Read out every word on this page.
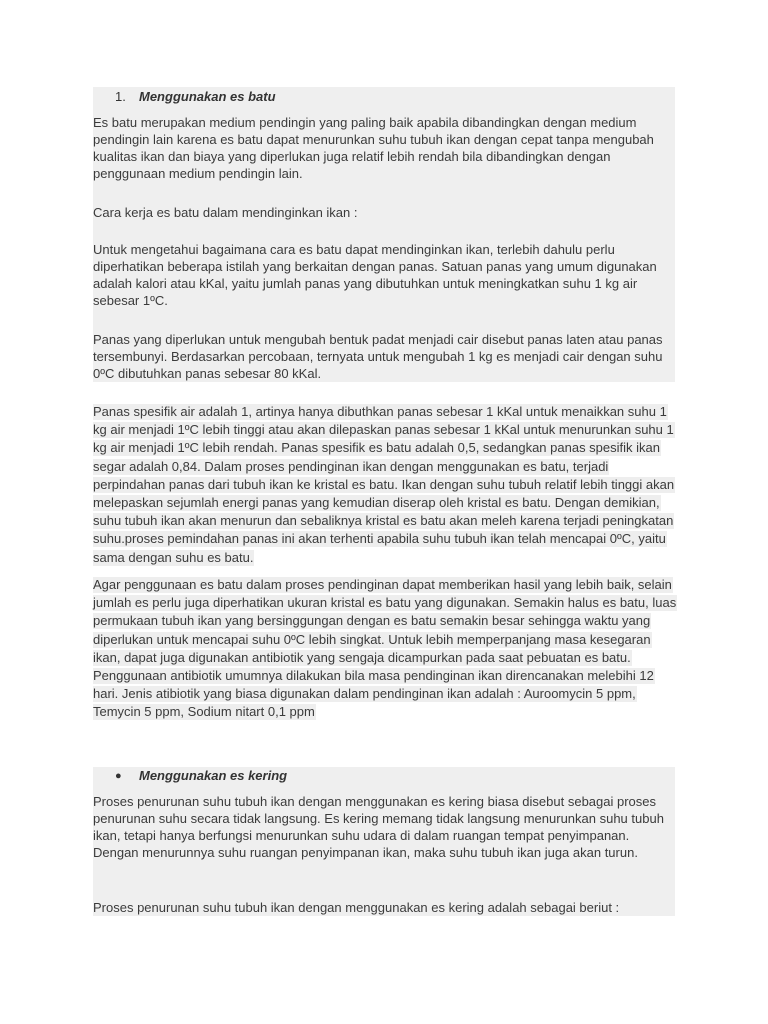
1. Menggunakan es batu

Es batu merupakan medium pendingin yang paling baik apabila dibandingkan dengan medium pendingin lain karena es batu dapat menurunkan suhu tubuh ikan dengan cepat tanpa mengubah kualitas ikan dan biaya yang diperlukan juga relatif lebih rendah bila dibandingkan dengan penggunaan medium pendingin lain.

Cara kerja es batu dalam mendinginkan ikan :

Untuk mengetahui bagaimana cara es batu dapat mendinginkan ikan, terlebih dahulu perlu diperhatikan beberapa istilah yang berkaitan dengan panas. Satuan panas yang umum digunakan adalah kalori atau kKal, yaitu jumlah panas yang dibutuhkan untuk meningkatkan suhu 1 kg air sebesar 1ºC.

Panas yang diperlukan untuk mengubah bentuk padat menjadi cair disebut panas laten atau panas tersembunyi. Berdasarkan percobaan, ternyata untuk mengubah 1 kg es menjadi cair dengan suhu 0ºC dibutuhkan panas sebesar 80 kKal.

Panas spesifik air adalah 1, artinya hanya dibuthkan panas sebesar 1 kKal untuk menaikkan suhu 1 kg air menjadi 1ºC lebih tinggi atau akan dilepaskan panas sebesar 1 kKal untuk menurunkan suhu 1 kg air menjadi 1ºC lebih rendah. Panas spesifik es batu adalah 0,5, sedangkan panas spesifik ikan segar adalah 0,84. Dalam proses pendinginan ikan dengan menggunakan es batu, terjadi perpindahan panas dari tubuh ikan ke kristal es batu. Ikan dengan suhu tubuh relatif lebih tinggi akan melepaskan sejumlah energi panas yang kemudian diserap oleh kristal es batu. Dengan demikian, suhu tubuh ikan akan menurun dan sebaliknya kristal es batu akan meleh karena terjadi peningkatan suhu.proses pemindahan panas ini akan terhenti apabila suhu tubuh ikan telah mencapai 0ºC, yaitu sama dengan suhu es batu.

Agar penggunaan es batu dalam proses pendinginan dapat memberikan hasil yang lebih baik, selain jumlah es perlu juga diperhatikan ukuran kristal es batu yang digunakan. Semakin halus es batu, luas permukaan tubuh ikan yang bersinggungan dengan es batu semakin besar sehingga waktu yang diperlukan untuk mencapai suhu 0ºC lebih singkat. Untuk lebih memperpanjang masa kesegaran ikan, dapat juga digunakan antibiotik yang sengaja dicampurkan pada saat pebuatan es batu. Penggunaan antibiotik umumnya dilakukan bila masa pendinginan ikan direncanakan melebihi 12 hari. Jenis atibiotik yang biasa digunakan dalam pendinginan ikan adalah : Auroomycin 5 ppm, Temycin 5 ppm, Sodium nitart 0,1 ppm

● Menggunakan es kering

Proses penurunan suhu tubuh ikan dengan menggunakan es kering biasa disebut sebagai proses penurunan suhu secara tidak langsung. Es kering memang tidak langsung menurunkan suhu tubuh ikan, tetapi hanya berfungsi menurunkan suhu udara di dalam ruangan tempat penyimpanan. Dengan menurunnya suhu ruangan penyimpanan ikan, maka suhu tubuh ikan juga akan turun.

Proses penurunan suhu tubuh ikan dengan menggunakan es kering adalah sebagai beriut :
